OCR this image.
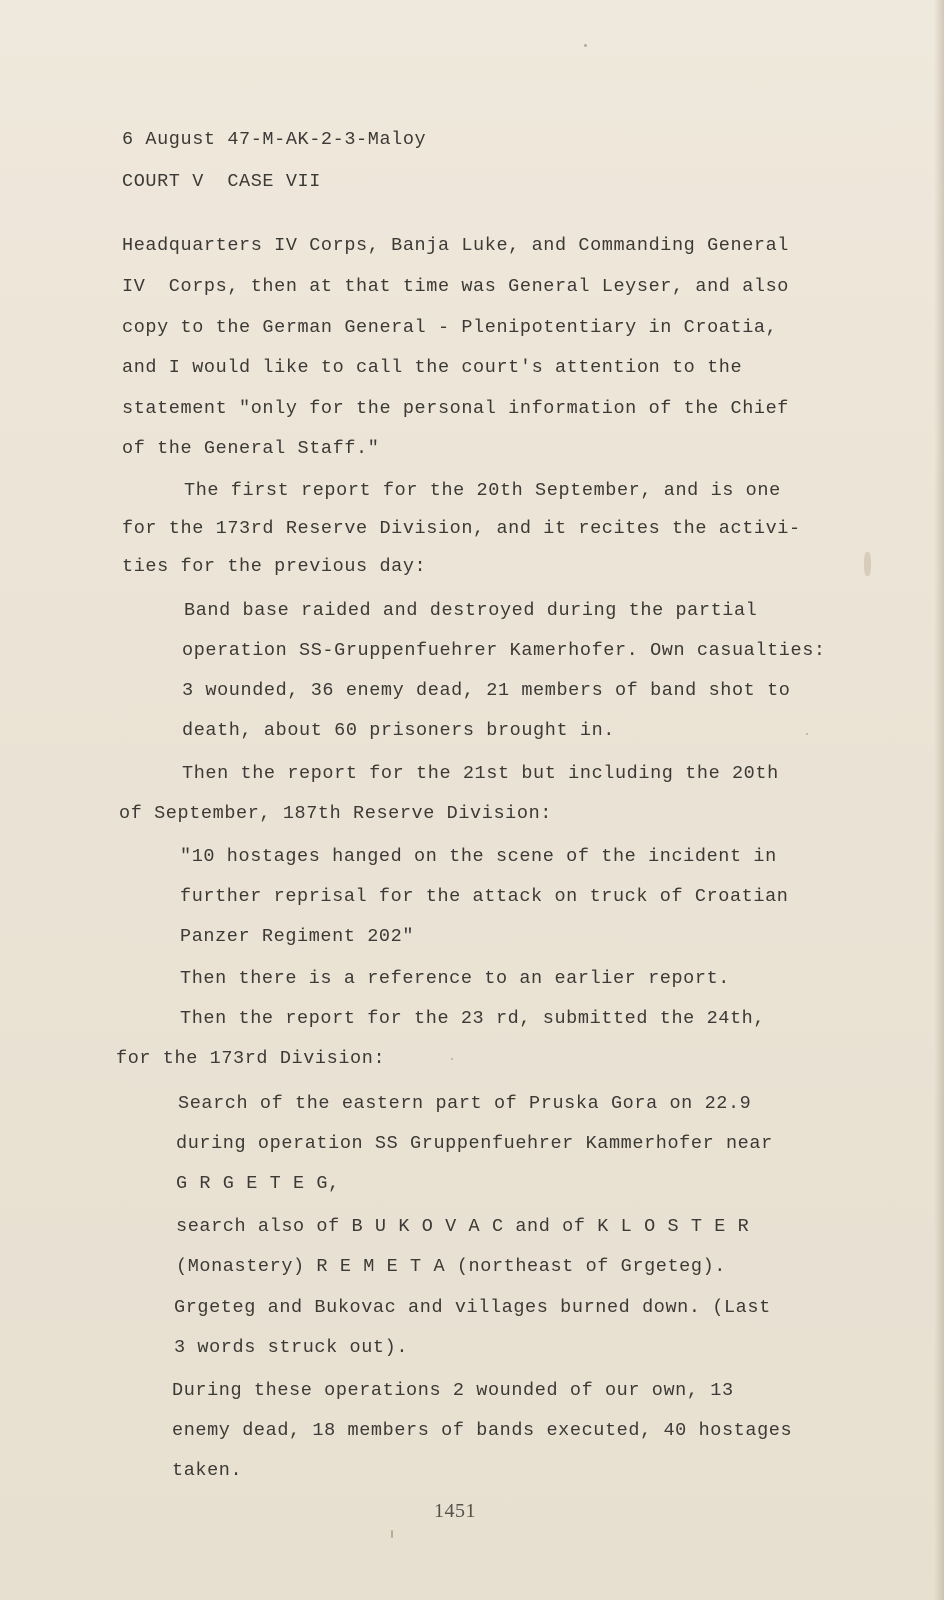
6 August 47-M-AK-2-3-Maloy

COURT V  CASE VII

Headquarters IV Corps, Banja Luke, and Commanding General

IV  Corps, then at that time was General Leyser, and also

copy to the German General - Plenipotentiary in Croatia,

and I would like to call the court's attention to the

statement "only for the personal information of the Chief

of the General Staff."

The first report for the 20th September, and is one

for the 173rd Reserve Division, and it recites the activi-

ties for the previous day:

Band base raided and destroyed during the partial

operation SS-Gruppenfuehrer Kamerhofer. Own casualties:

3 wounded, 36 enemy dead, 21 members of band shot to

death, about 60 prisoners brought in.

Then the report for the 21st but including the 20th

of September, 187th Reserve Division:

"10 hostages hanged on the scene of the incident in

further reprisal for the attack on truck of Croatian

Panzer Regiment 202"

Then there is a reference to an earlier report.

Then the report for the 23 rd, submitted the 24th,

for the 173rd Division:

Search of the eastern part of Pruska Gora on 22.9

during operation SS Gruppenfuehrer Kammerhofer near

G R G E T E G,

search also of B U K O V A C and of K L O S T E R

(Monastery) R E M E T A (northeast of Grgeteg).

Grgeteg and Bukovac and villages burned down. (Last

3 words struck out).

During these operations 2 wounded of our own, 13

enemy dead, 18 members of bands executed, 40 hostages

taken.

1451
